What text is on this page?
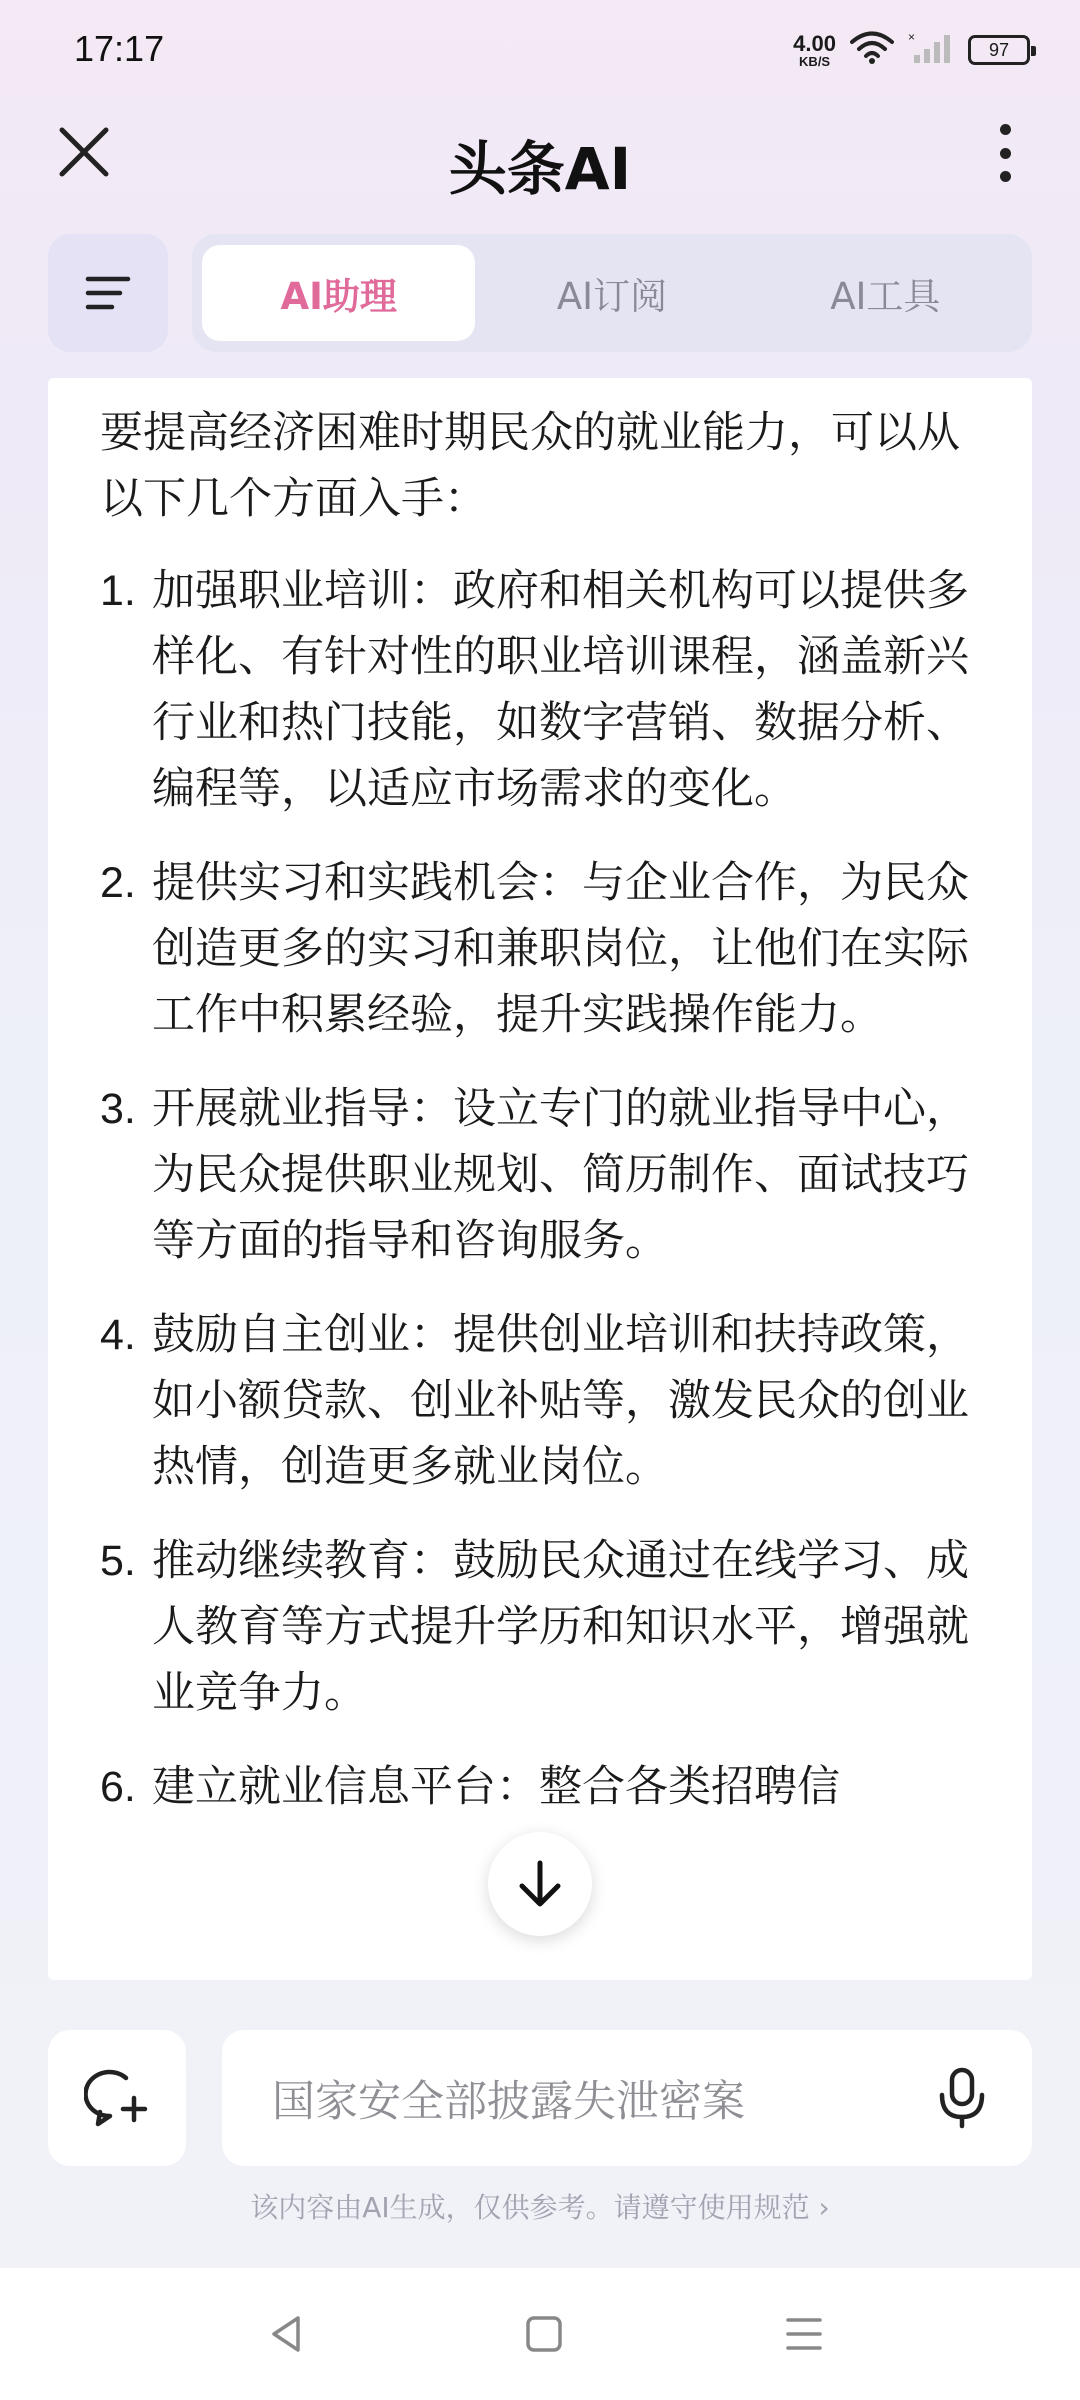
17:17	4.00
KB/S
×
97
头条AI
AI助理	AI订阅	AI工具

要提高经济困难时期民众的就业能力，可以从以下几个方面入手：

1. 加强职业培训：政府和相关机构可以提供多样化、有针对性的职业培训课程，涵盖新兴行业和热门技能，如数字营销、数据分析、编程等，以适应市场需求的变化。
2. 提供实习和实践机会：与企业合作，为民众创造更多的实习和兼职岗位，让他们在实际工作中积累经验，提升实践操作能力。
3. 开展就业指导：设立专门的就业指导中心，为民众提供职业规划、简历制作、面试技巧等方面的指导和咨询服务。
4. 鼓励自主创业：提供创业培训和扶持政策，如小额贷款、创业补贴等，激发民众的创业热情，创造更多就业岗位。
5. 推动继续教育：鼓励民众通过在线学习、成人教育等方式提升学历和知识水平，增强就业竞争力。
6. 建立就业信息平台：整合各类招聘信
国家安全部披露失泄密案
该内容由AI生成，仅供参考。请遵守使用规范 ›
